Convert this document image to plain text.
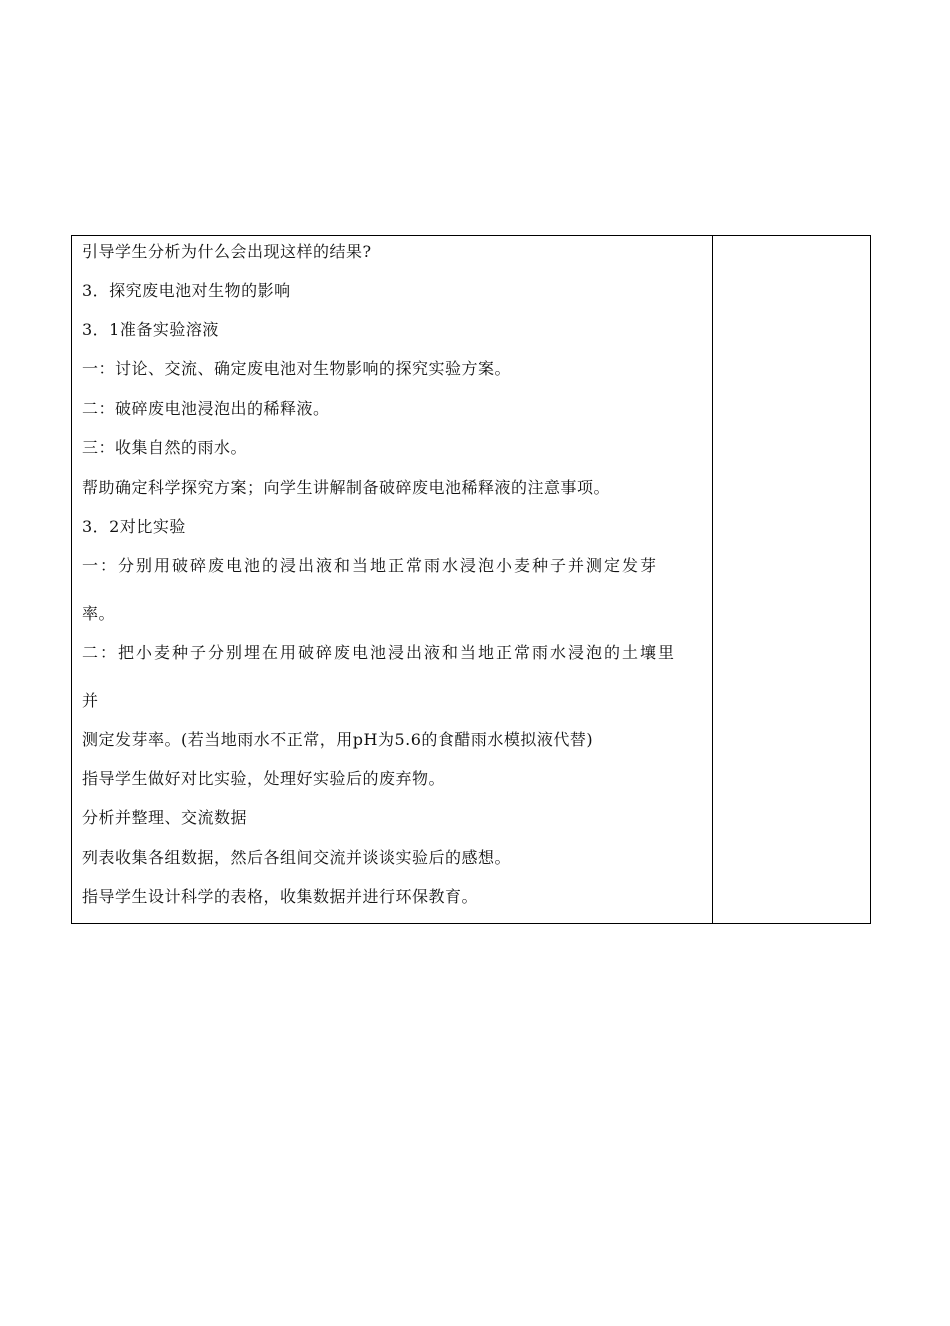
引导学生分析为什么会出现这样的结果?
3．探究废电池对生物的影响
3．1准备实验溶液
一：讨论、交流、确定废电池对生物影响的探究实验方案。
二：破碎废电池浸泡出的稀释液。
三：收集自然的雨水。
帮助确定科学探究方案；向学生讲解制备破碎废电池稀释液的注意事项。
3．2对比实验
一：分别用破碎废电池的浸出液和当地正常雨水浸泡小麦种子并测定发芽
率。
二：把小麦种子分别埋在用破碎废电池浸出液和当地正常雨水浸泡的土壤里
并
测定发芽率。(若当地雨水不正常，用pH为5.6的食醋雨水模拟液代替)
指导学生做好对比实验，处理好实验后的废弃物。
分析并整理、交流数据
列表收集各组数据，然后各组间交流并谈谈实验后的感想。
指导学生设计科学的表格，收集数据并进行环保教育。
